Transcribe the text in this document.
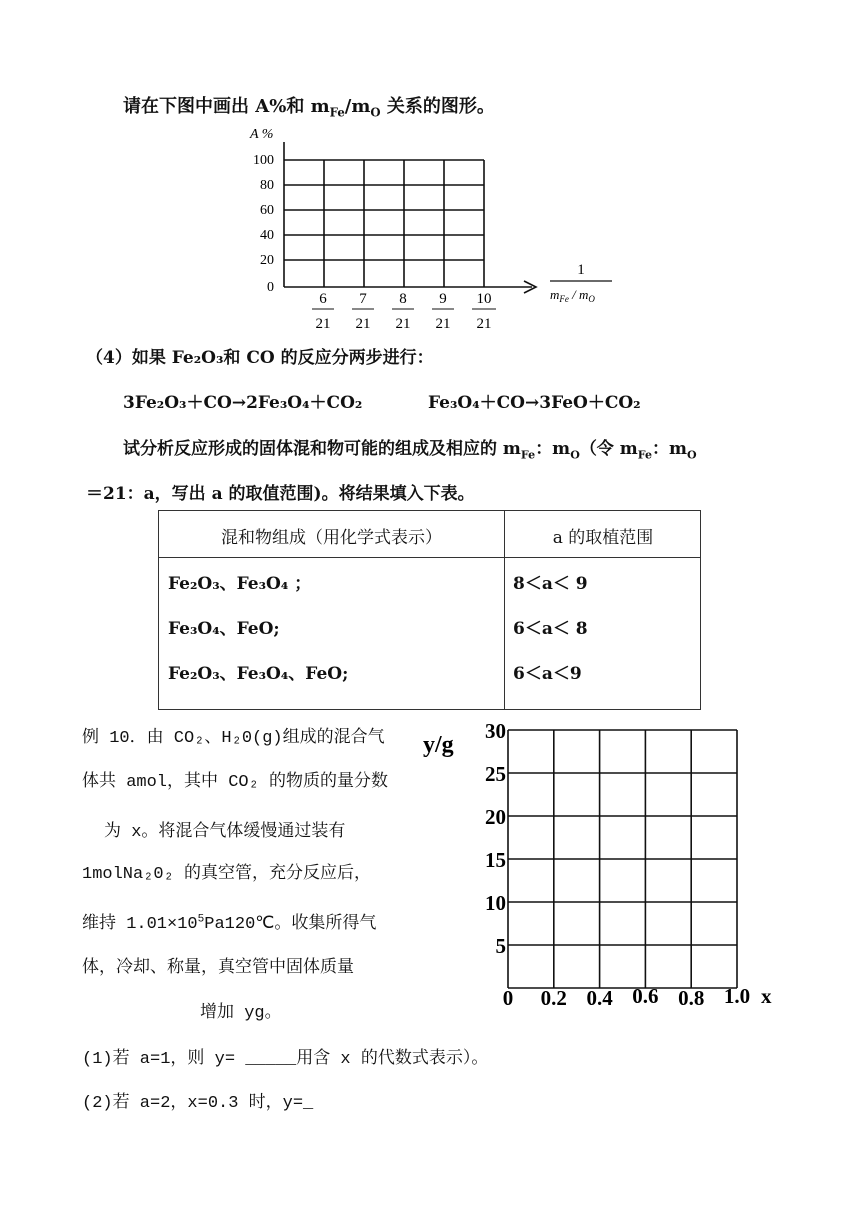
请在下图中画出 A%和 $m_{Fe}/m_O$ 关系的图形。
A %
100
80
60
40
20
0
6
21
7
21
8
21
9
21
10
21
1
$m_{Fe} / m_O$
（4）如果 Fe₂O₃和 CO 的反应分两步进行：
3Fe₂O₃＋CO→2Fe₃O₄＋CO₂	Fe₃O₄＋CO→3FeO＋CO₂
试分析反应形成的固体混和物可能的组成及相应的 $m_{Fe}$：$m_O$（令 $m_{Fe}$：$m_O$
＝21：a，写出 a 的取值范围)。将结果填入下表。
混和物组成（用化学式表示）	a 的取植范围
Fe₂O₃、Fe₃O₄ ；	8＜a＜ 9
Fe₃O₄、FeO;	6＜a＜ 8
Fe₂O₃、Fe₃O₄、FeO;	6＜a＜9
例 10．由 CO₂、H₂0(g)组成的混合气
体共 amol，其中 CO₂ 的物质的量分数
为 x。将混合气体缓慢通过装有
1molNa₂0₂ 的真空管，充分反应后，
维持 $1.01\times 10^5Pa120℃$。收集所得气
体，冷却、称量，真空管中固体质量
增加 yg。
y/g
30
25
20
15
10
5
0 0.2 0.4 0.6 0.8 1.0 x
(1)若 a=1，则 y= _____用含 x 的代数式表示）。
(2)若 a=2，x=0.3 时，y=_
